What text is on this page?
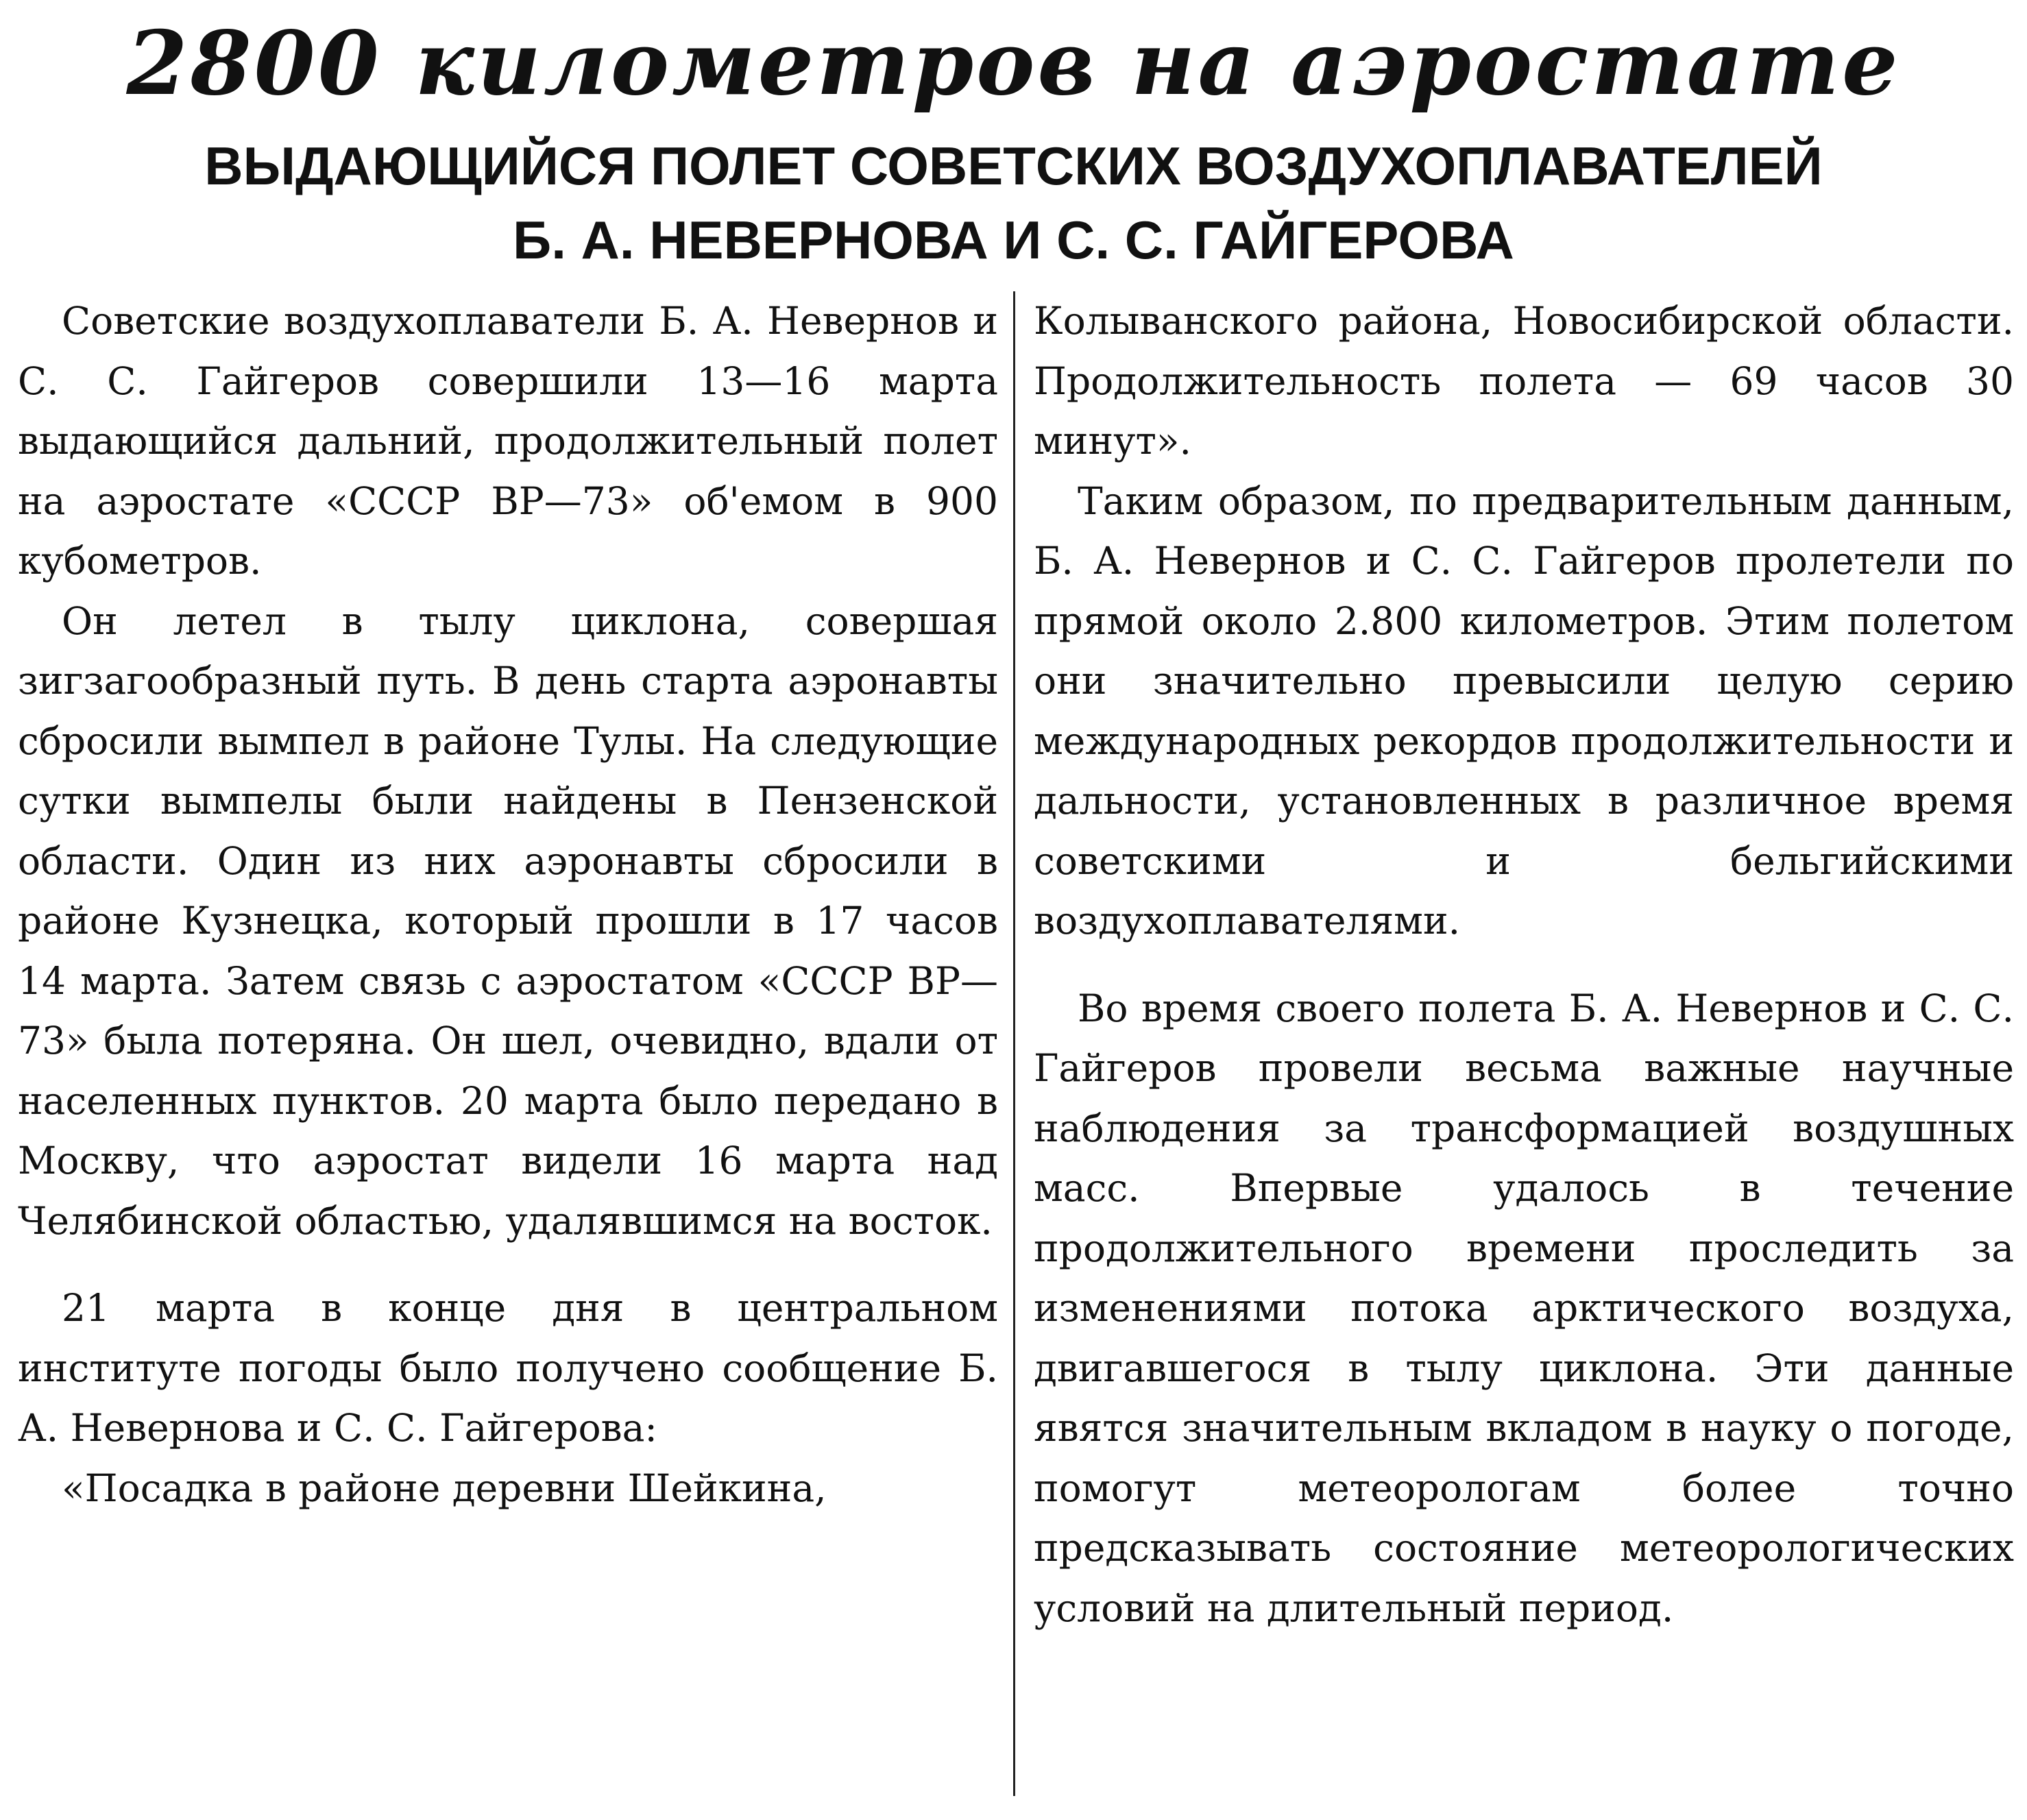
2800 километров на аэростате
ВЫДАЮЩИЙСЯ ПОЛЕТ СОВЕТСКИХ ВОЗДУХОПЛАВАТЕЛЕЙ
Б. А. НЕВЕРНОВА И С. С. ГАЙГЕРОВА

Советские воздухоплаватели Б. А. Невернов и С. С. Гайгеров совершили 13—16 марта выдающийся дальний, продолжительный полет на аэростате «СССР ВР—73» об'емом в 900 кубометров.

Он летел в тылу циклона, совершая зигзагообразный путь. В день старта аэронавты сбросили вымпел в районе Тулы. На следующие сутки вымпелы были найдены в Пензенской области. Один из них аэронавты сбросили в районе Кузнецка, который прошли в 17 часов 14 марта. Затем связь с аэростатом «СССР ВР—73» была потеряна. Он шел, очевидно, вдали от населенных пунктов. 20 марта было передано в Москву, что аэростат видели 16 марта над Челябинской областью, удалявшимся на восток.

21 марта в конце дня в центральном институте погоды было получено сообщение Б. А. Невернова и С. С. Гайгерова:

«Посадка в районе деревни Шейкина,

Колыванского района, Новосибирской области. Продолжительность полета — 69 часов 30 минут».

Таким образом, по предварительным данным, Б. А. Невернов и С. С. Гайгеров пролетели по прямой около 2.800 километров. Этим полетом они значительно превысили целую серию международных рекордов продолжительности и дальности, установленных в различное время советскими и бельгийскими воздухоплавателями.

Во время своего полета Б. А. Невернов и С. С. Гайгеров провели весьма важные научные наблюдения за трансформацией воздушных масс. Впервые удалось в течение продолжительного времени проследить за изменениями потока арктического воздуха, двигавшегося в тылу циклона. Эти данные явятся значительным вкладом в науку о погоде, помогут метеорологам более точно предсказывать состояние метеорологических условий на длительный период.
